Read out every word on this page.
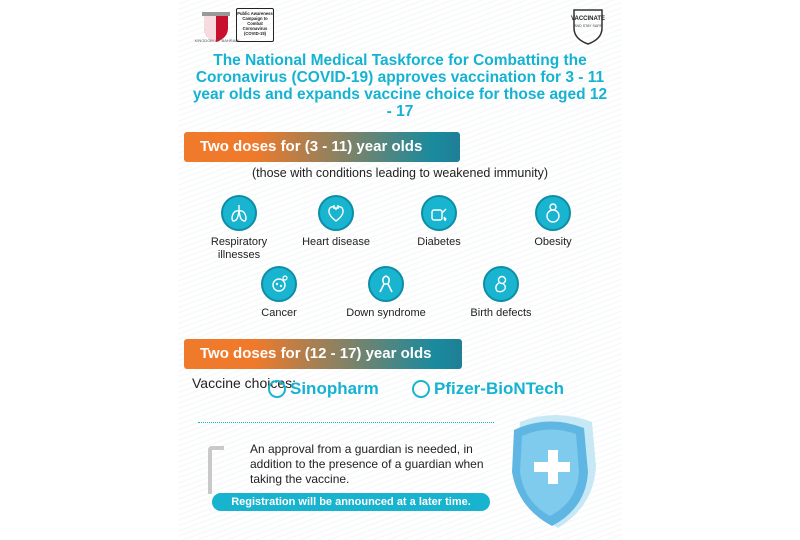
KINGDOM OF BAHRAIN
Public Awareness Campaign to Combat Coronavirus (COVID-19)
VACCINATE
AND STAY SAFE
The National Medical Taskforce for Combatting the Coronavirus (COVID-19) approves vaccination for 3 - 11 year olds and expands vaccine choice for those aged 12 - 17
Two doses for (3 - 11) year olds
(those with conditions leading to weakened immunity)
Respiratory illnesses
Heart disease	Diabetes	Obesity
Cancer	Down syndrome	Birth defects
Two doses for (12 - 17) year olds
Vaccine choices:
Sinopharm	Pfizer-BioNTech
An approval from a guardian is needed, in addition to the presence of a guardian when taking the vaccine.
Registration will be announced at a later time.
